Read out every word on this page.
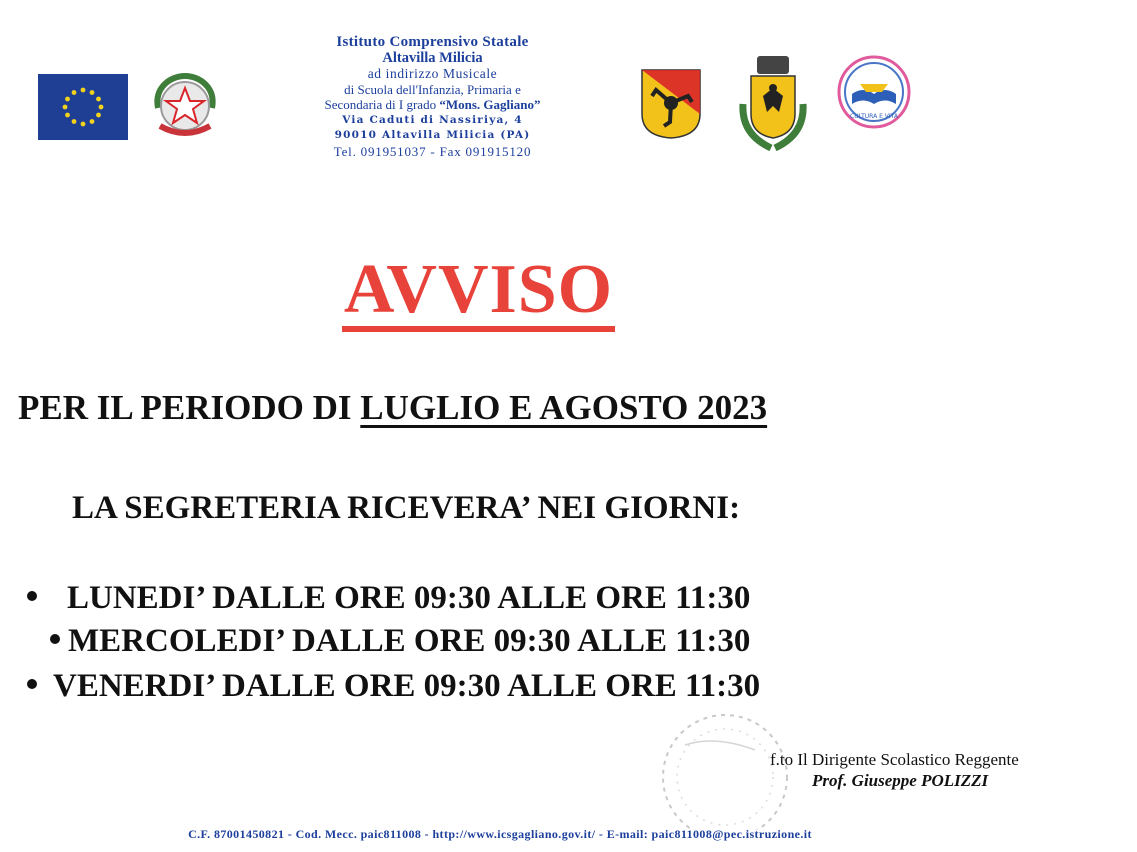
Istituto Comprensivo Statale
Altavilla Milicia
ad indirizzo Musicale
di Scuola dell'Infanzia, Primaria e
Secondaria di I grado “Mons. Gagliano”
Via Caduti di Nassiriya, 4
90010 Altavilla Milicia (PA)
Tel. 091951037 - Fax 091915120
CULTURA E VITA
AVVISO
PER IL PERIODO DI LUGLIO E AGOSTO 2023
LA SEGRETERIA RICEVERA’ NEI GIORNI:
LUNEDI’ DALLE ORE 09:30 ALLE ORE 11:30
MERCOLEDI’ DALLE ORE 09:30 ALLE 11:30
VENERDI’ DALLE ORE 09:30 ALLE ORE 11:30
f.to Il Dirigente Scolastico Reggente
Prof. Giuseppe POLIZZI
C.F. 87001450821 - Cod. Mecc. paic811008 - http://www.icsgagliano.gov.it/ - E-mail: paic811008@pec.istruzione.it
